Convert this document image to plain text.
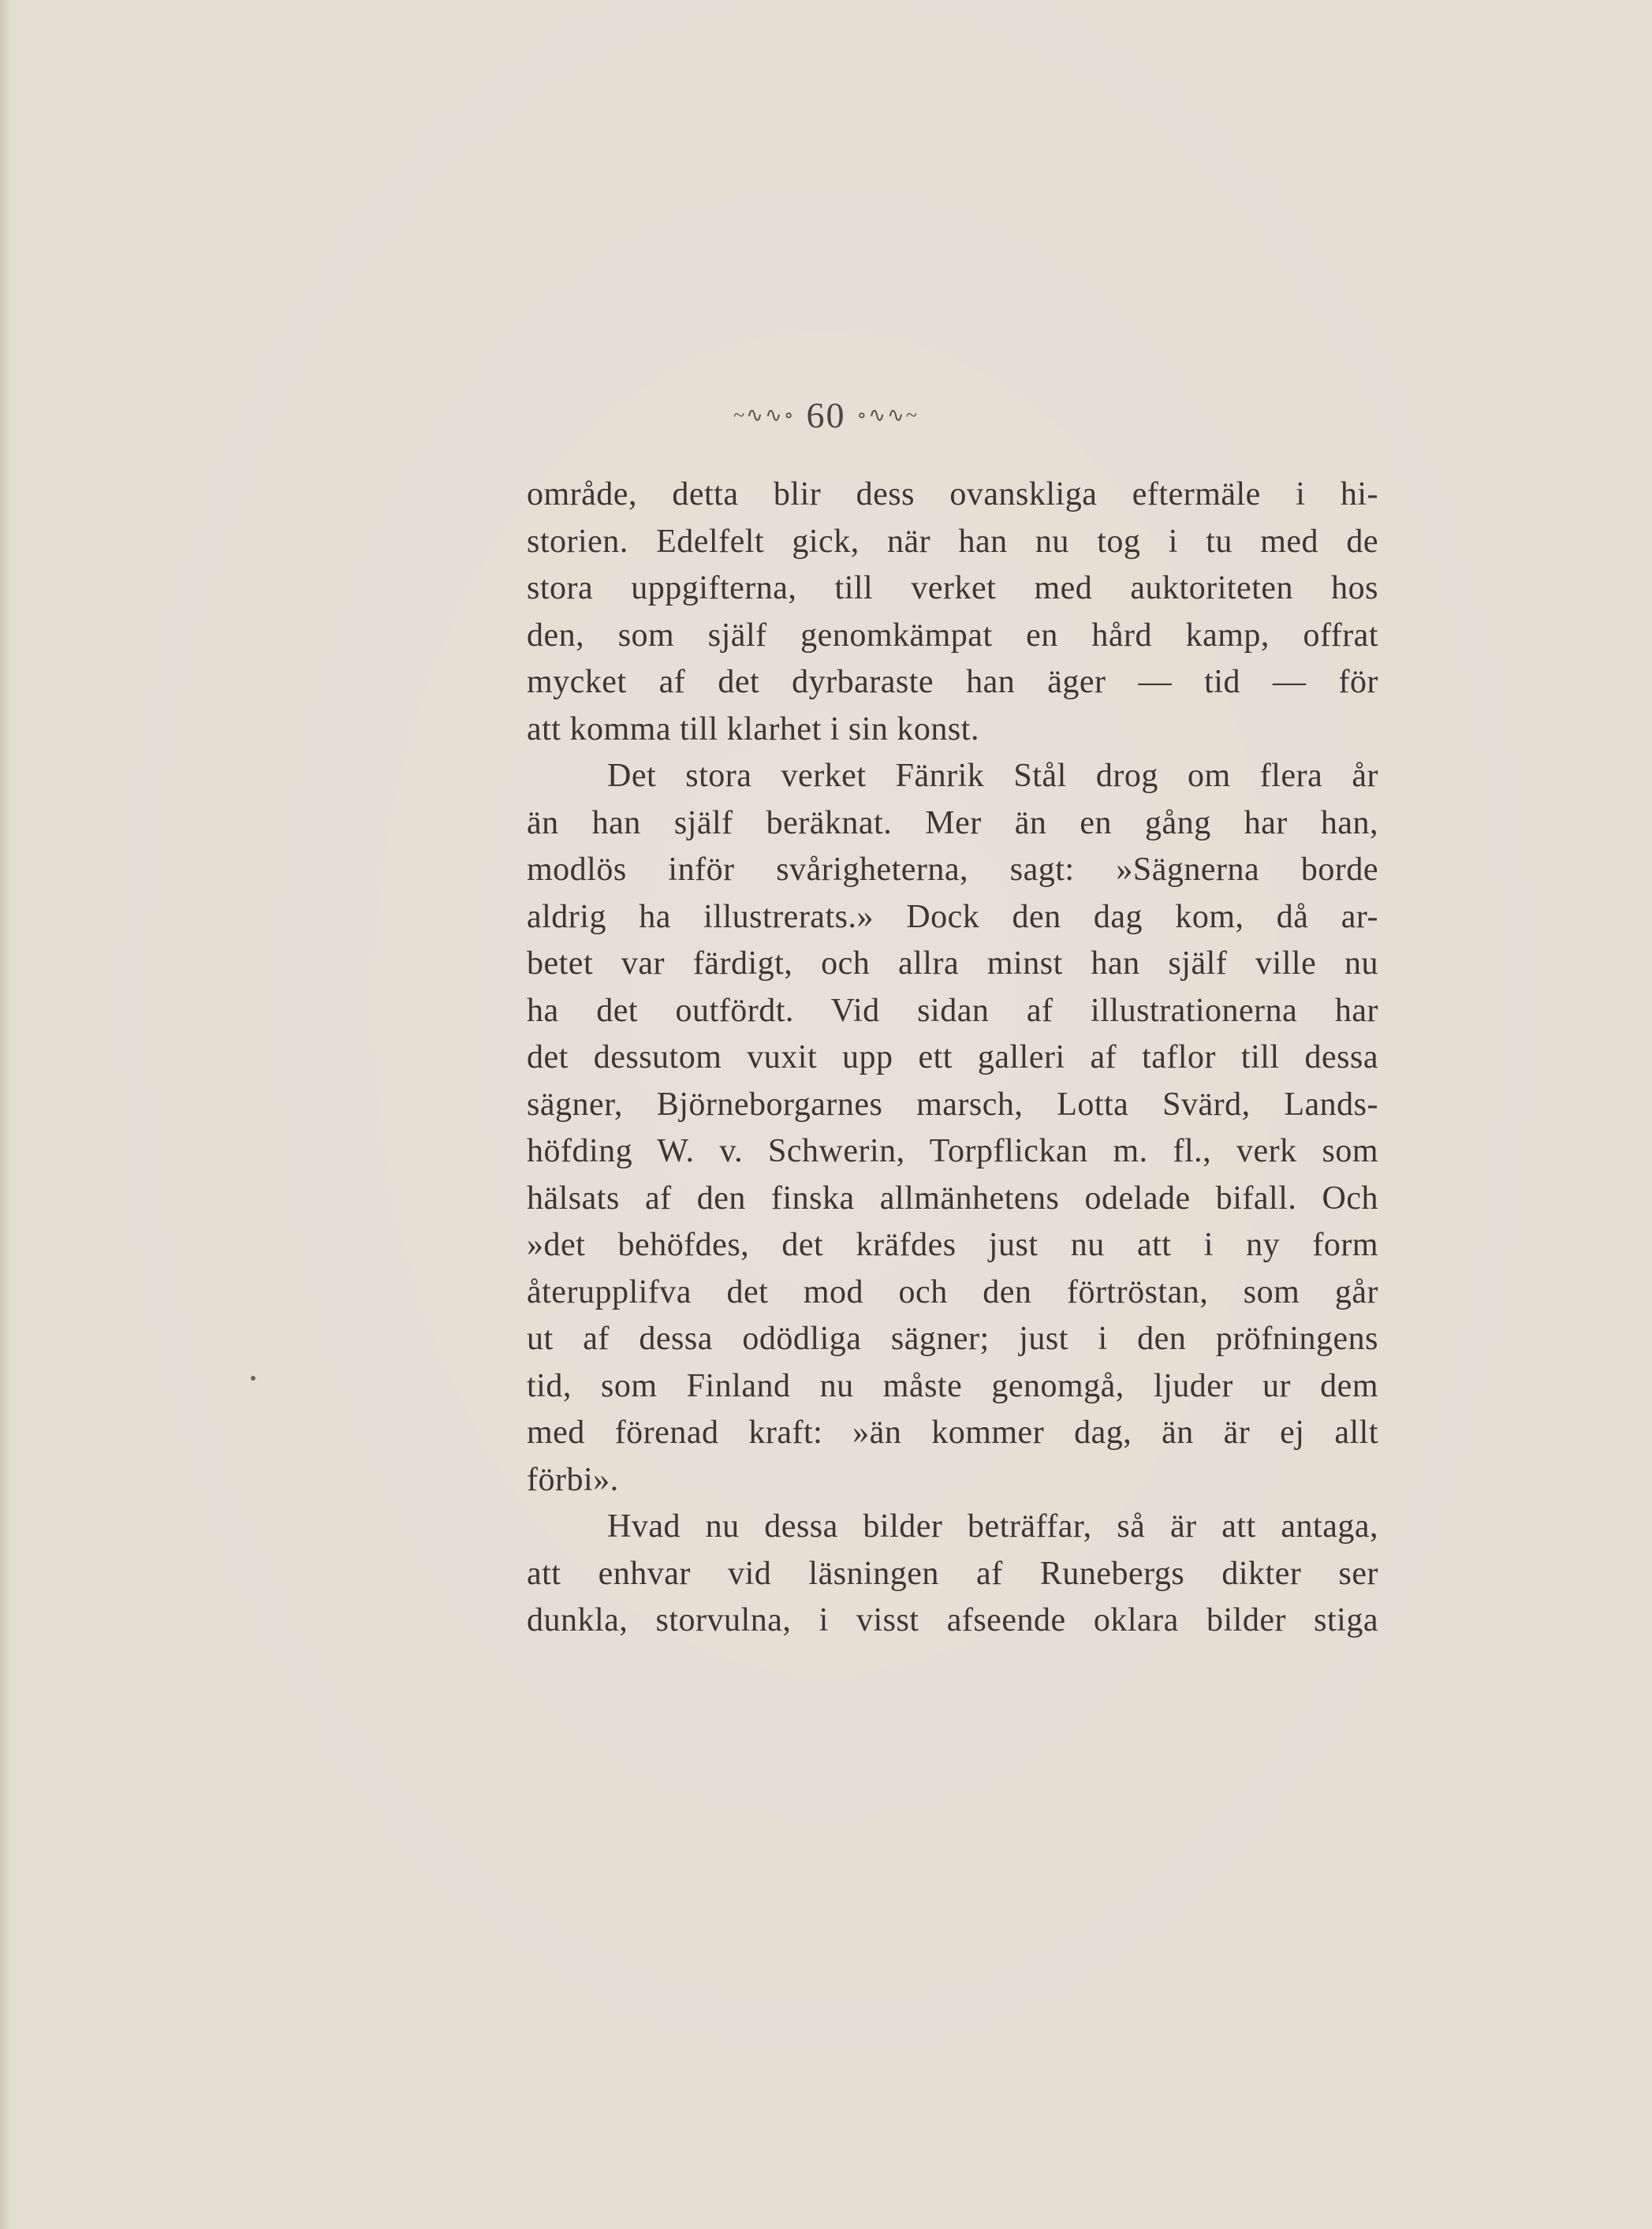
~∿∿∘ 60 ∘∿∿~
område, detta blir dess ovanskliga eftermäle i hi-
storien. Edelfelt gick, när han nu tog i tu med de
stora uppgifterna, till verket med auktoriteten hos
den, som själf genomkämpat en hård kamp, offrat
mycket af det dyrbaraste han äger — tid — för
att komma till klarhet i sin konst.
Det stora verket Fänrik Stål drog om flera år
än han själf beräknat. Mer än en gång har han,
modlös inför svårigheterna, sagt: »Sägnerna borde
aldrig ha illustrerats.» Dock den dag kom, då ar-
betet var färdigt, och allra minst han själf ville nu
ha det outfördt. Vid sidan af illustrationerna har
det dessutom vuxit upp ett galleri af taflor till dessa
sägner, Björneborgarnes marsch, Lotta Svärd, Lands-
höfding W. v. Schwerin, Torpflickan m. fl., verk som
hälsats af den finska allmänhetens odelade bifall. Och
»det behöfdes, det kräfdes just nu att i ny form
återupplifva det mod och den förtröstan, som går
ut af dessa odödliga sägner; just i den pröfningens
tid, som Finland nu måste genomgå, ljuder ur dem
med förenad kraft: »än kommer dag, än är ej allt
förbi».
Hvad nu dessa bilder beträffar, så är att antaga,
att enhvar vid läsningen af Runebergs dikter ser
dunkla, storvulna, i visst afseende oklara bilder stiga
